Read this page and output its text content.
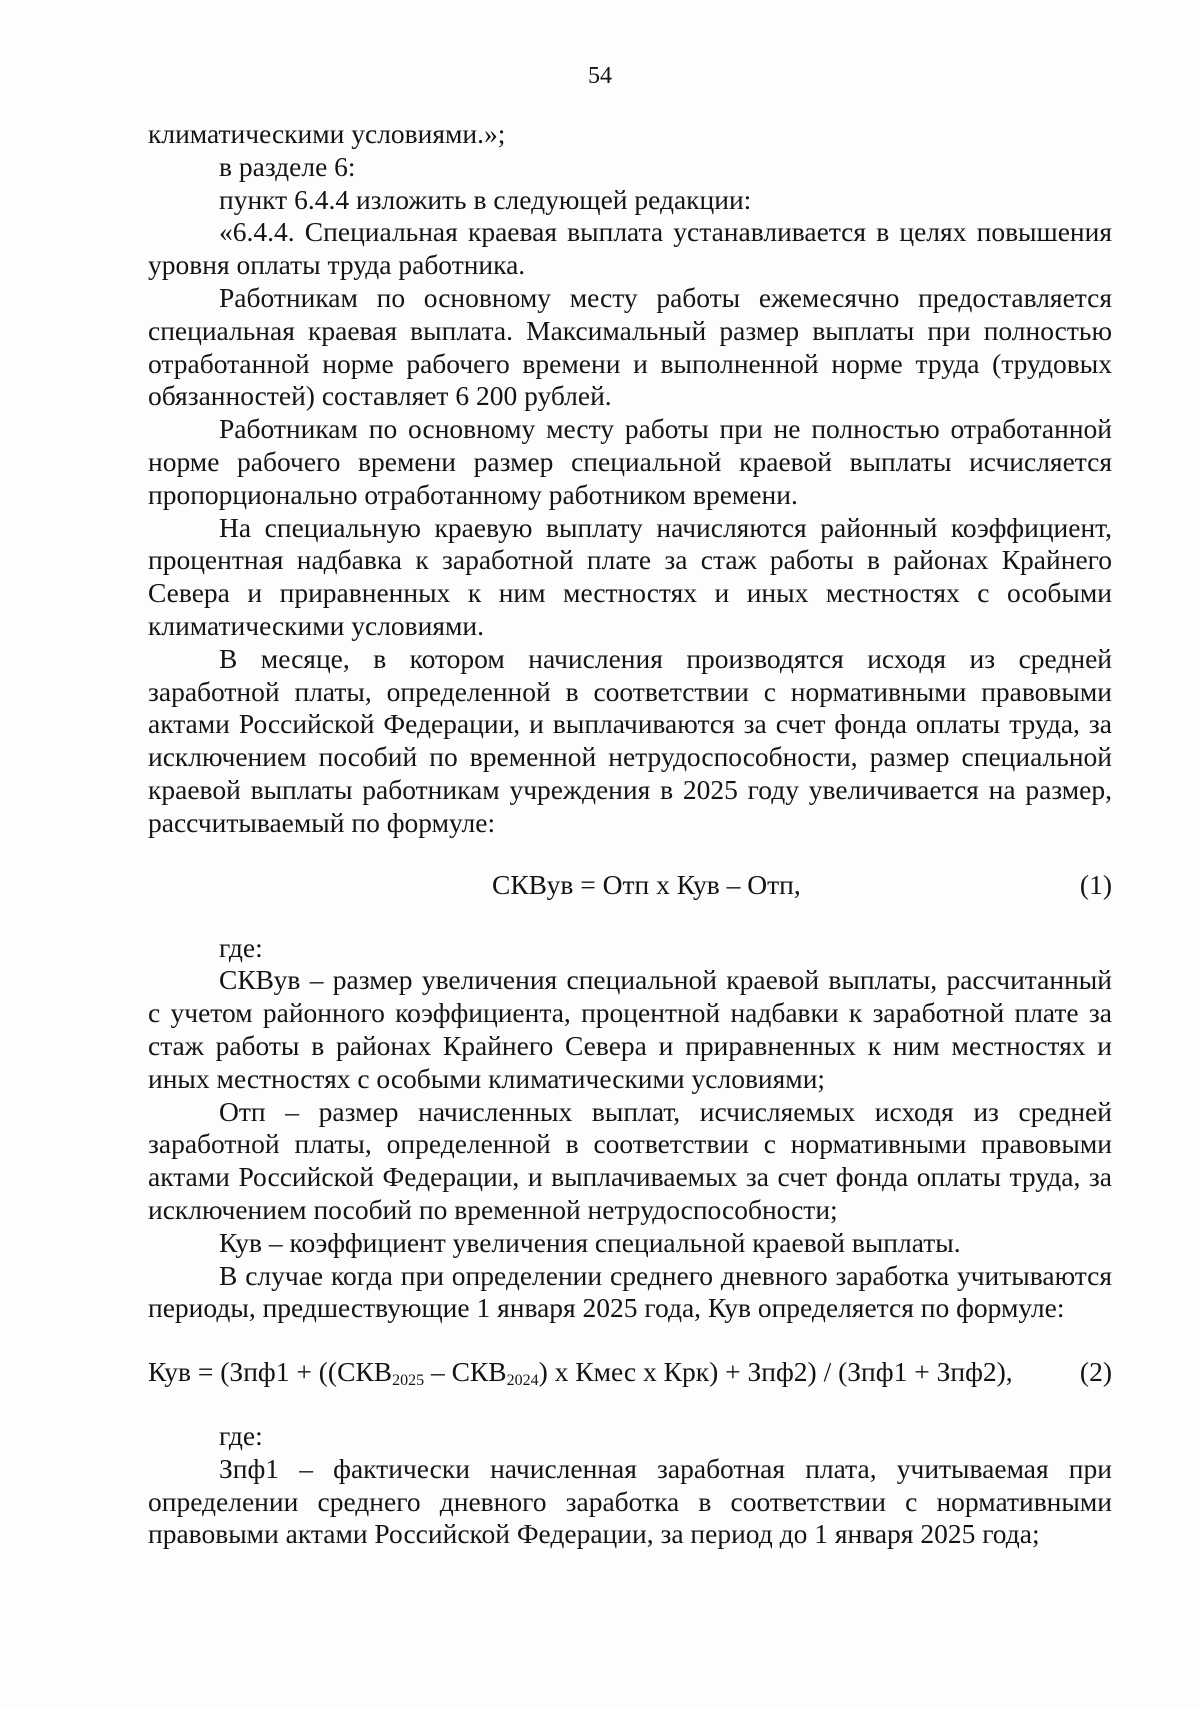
54

климатическими условиями.»;

в разделе 6:

пункт 6.4.4 изложить в следующей редакции:

«6.4.4. Специальная краевая выплата устанавливается в целях повышения уровня оплаты труда работника.

Работникам по основному месту работы ежемесячно предоставляется специальная краевая выплата. Максимальный размер выплаты при полностью отработанной норме рабочего времени и выполненной норме труда (трудовых обязанностей) составляет 6 200 рублей.

Работникам по основному месту работы при не полностью отработанной норме рабочего времени размер специальной краевой выплаты исчисляется пропорционально отработанному работником времени.

На специальную краевую выплату начисляются районный коэффициент, процентная надбавка к заработной плате за стаж работы в районах Крайнего Севера и приравненных к ним местностях и иных местностях с особыми климатическими условиями.

В месяце, в котором начисления производятся исходя из средней заработной платы, определенной в соответствии с нормативными правовыми актами Российской Федерации, и выплачиваются за счет фонда оплаты труда, за исключением пособий по временной нетрудоспособности, размер специальной краевой выплаты работникам учреждения в 2025 году увеличивается на размер, рассчитываемый по формуле:

СКВув = Отп х Кув – Отп,	(1)

где:

СКВув – размер увеличения специальной краевой выплаты, рассчитанный с учетом районного коэффициента, процентной надбавки к заработной плате за стаж работы в районах Крайнего Севера и приравненных к ним местностях и иных местностях с особыми климатическими условиями;

Отп – размер начисленных выплат, исчисляемых исходя из средней заработной платы, определенной в соответствии с нормативными правовыми актами Российской Федерации, и выплачиваемых за счет фонда оплаты труда, за исключением пособий по временной нетрудоспособности;

Кув – коэффициент увеличения специальной краевой выплаты.

В случае когда при определении среднего дневного заработка учитываются периоды, предшествующие 1 января 2025 года, Кув определяется по формуле:

Кув = ($Зпф1 + ((СКВ_{2025} - СКВ_{2024})$ х Кмес х Крк) + Зпф2) / (Зпф1 + Зпф2), (2)

где:

Зпф1 – фактически начисленная заработная плата, учитываемая при определении среднего дневного заработка в соответствии с нормативными правовыми актами Российской Федерации, за период до 1 января 2025 года;
